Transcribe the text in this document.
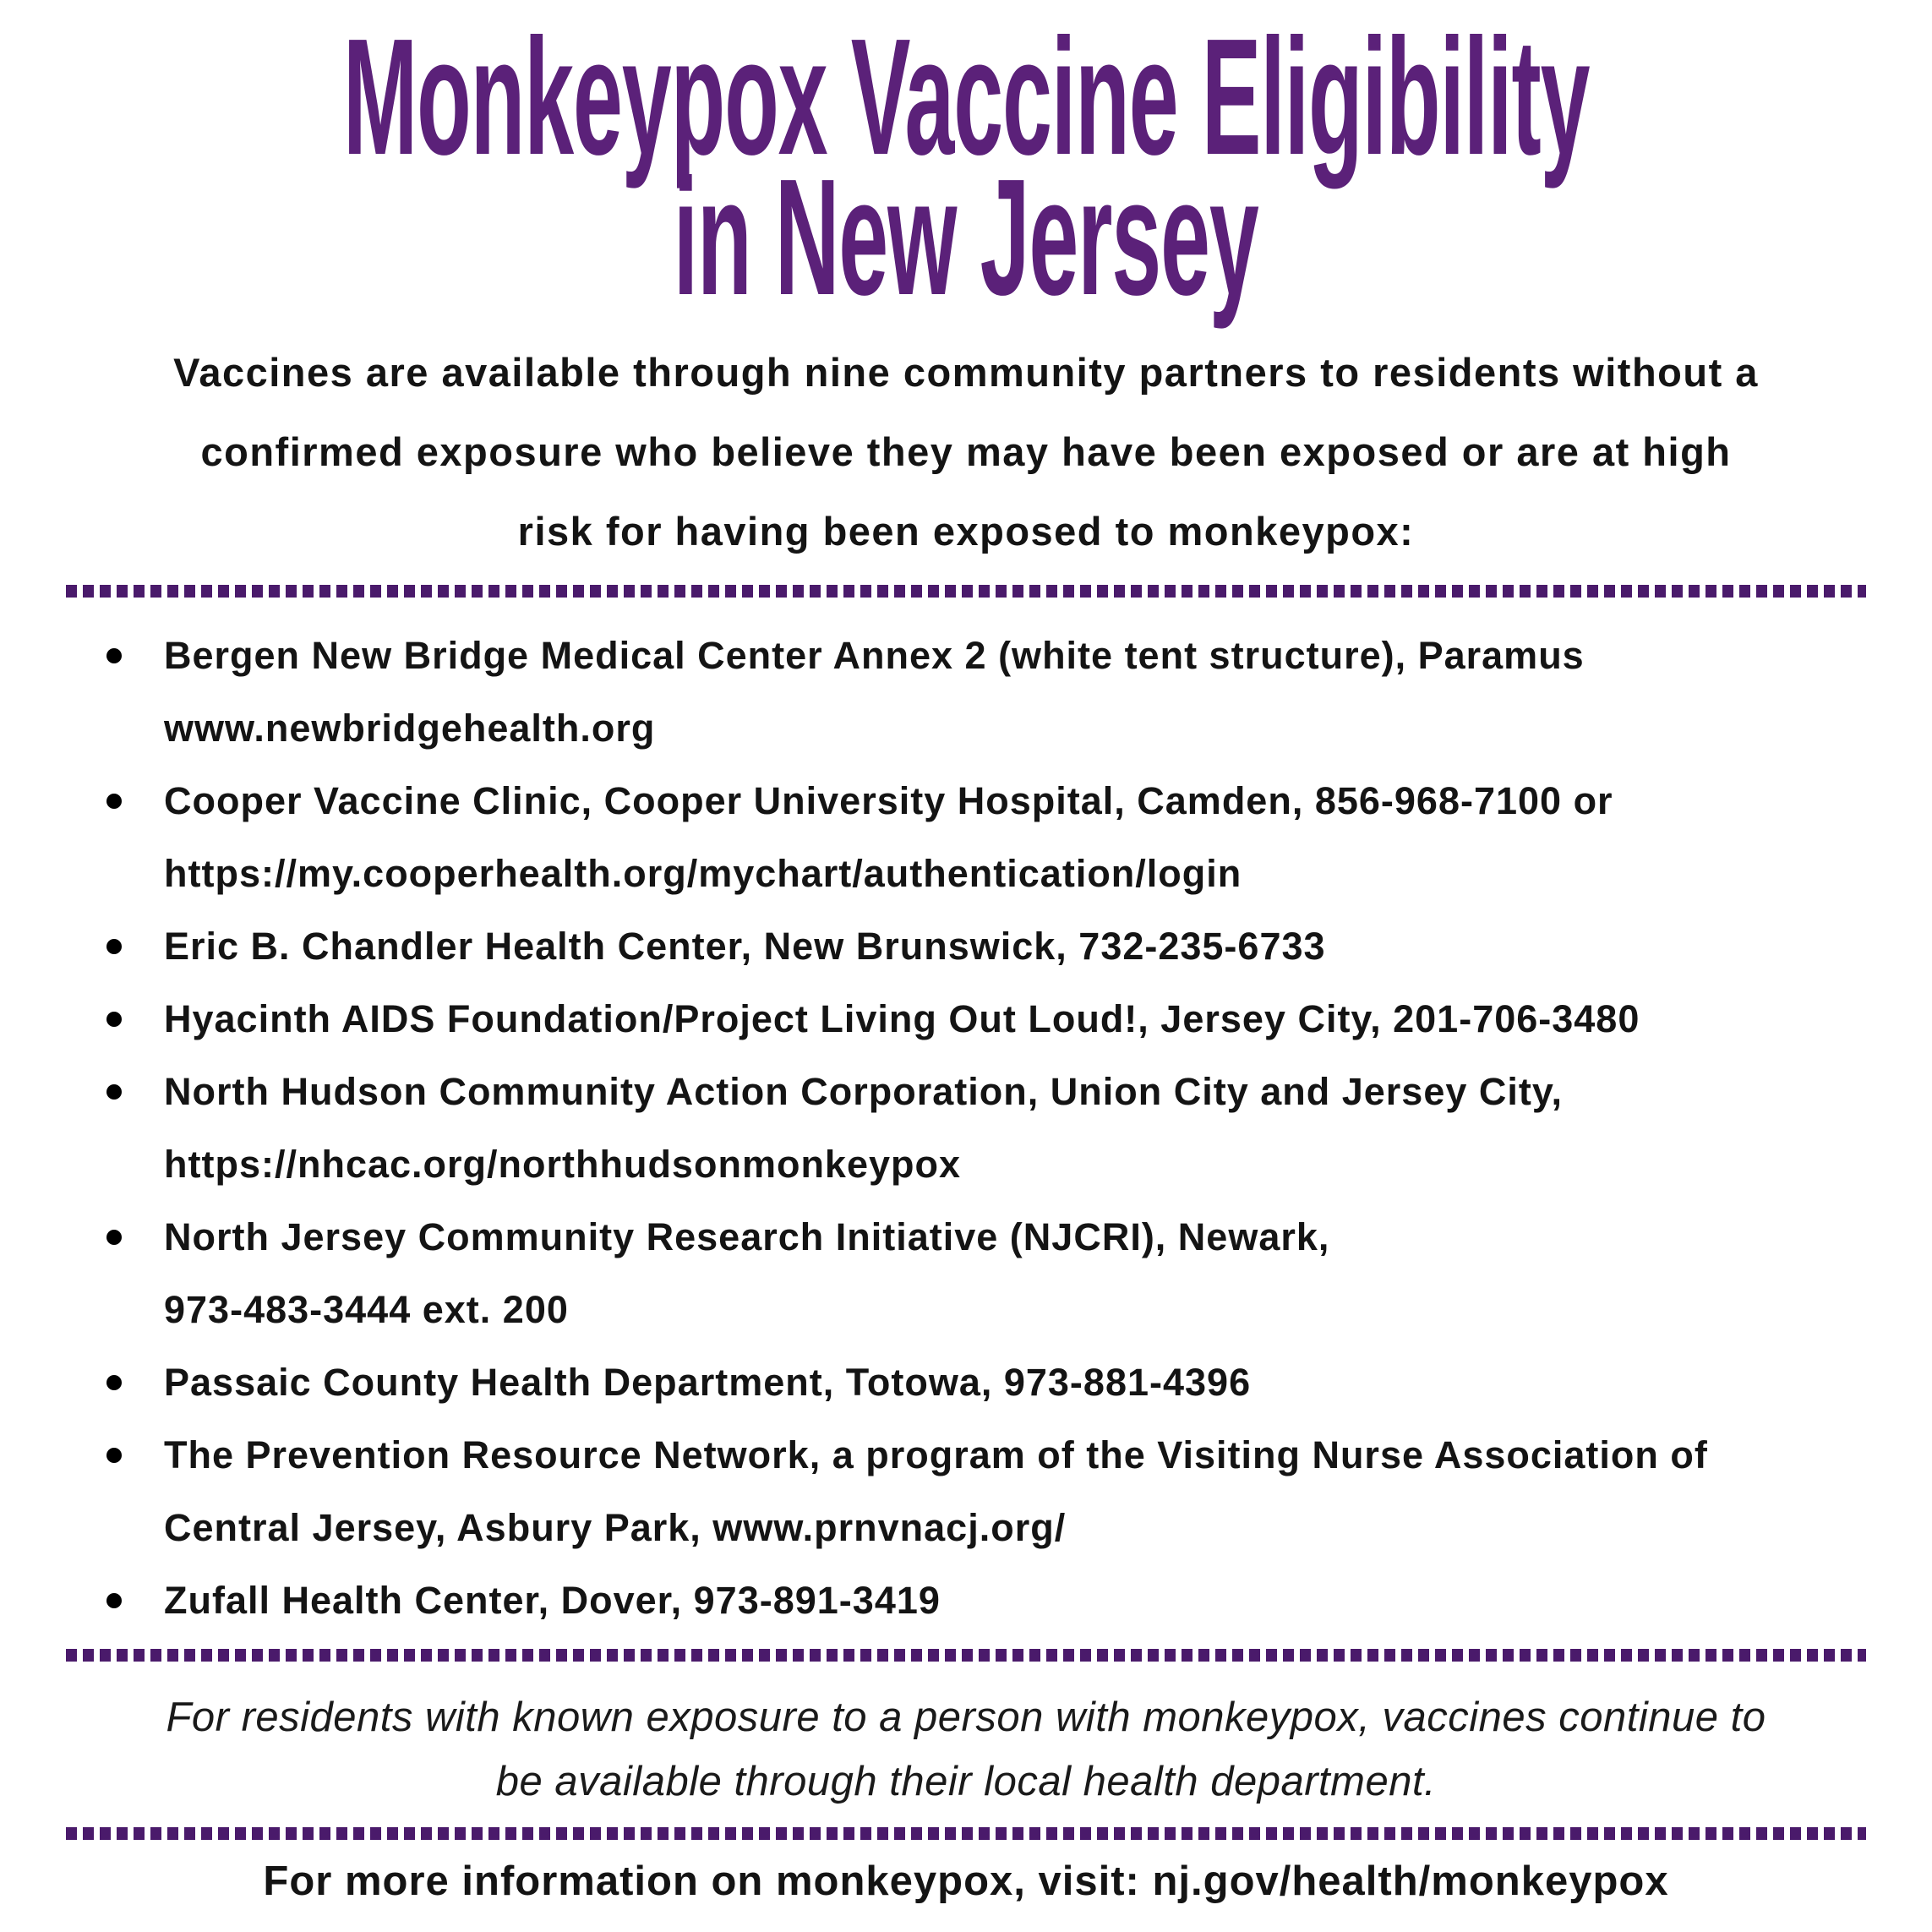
Monkeypox Vaccine Eligibility
in New Jersey
Vaccines are available through nine community partners to residents without a
confirmed exposure who believe they may have been exposed or are at high
risk for having been exposed to monkeypox:
Bergen New Bridge Medical Center Annex 2 (white tent structure), Paramus
www.newbridgehealth.org
Cooper Vaccine Clinic, Cooper University Hospital, Camden, 856-968-7100 or
https://my.cooperhealth.org/mychart/authentication/login
Eric B. Chandler Health Center, New Brunswick, 732-235-6733
Hyacinth AIDS Foundation/Project Living Out Loud!, Jersey City, 201-706-3480
North Hudson Community Action Corporation, Union City and Jersey City,
https://nhcac.org/northhudsonmonkeypox
North Jersey Community Research Initiative (NJCRI), Newark,
973-483-3444 ext. 200
Passaic County Health Department, Totowa, 973-881-4396
The Prevention Resource Network, a program of the Visiting Nurse Association of
Central Jersey, Asbury Park, www.prnvnacj.org/
Zufall Health Center, Dover, 973-891-3419
For residents with known exposure to a person with monkeypox, vaccines continue to
be available through their local health department.
For more information on monkeypox, visit: nj.gov/health/monkeypox
